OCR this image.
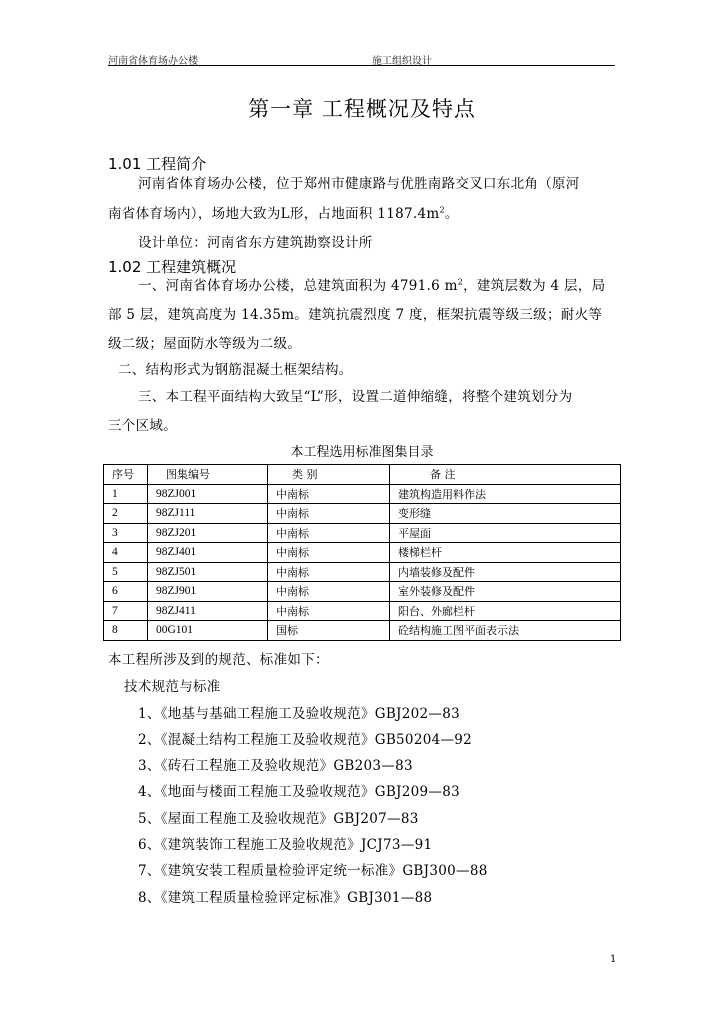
河南省体育场办公楼	施工组织设计
第一章 工程概况及特点
1.01 工程简介
河南省体育场办公楼，位于郑州市健康路与优胜南路交叉口东北角（原河
南省体育场内），场地大致为L形，占地面积 $1187.4m^2$。
设计单位：河南省东方建筑勘察设计所
1.02 工程建筑概况
一、河南省体育场办公楼，总建筑面积为 4791.6 $m^2$，建筑层数为 4 层，局
部 5 层，建筑高度为 14.35m。建筑抗震烈度 7 度，框架抗震等级三级；耐火等
级二级；屋面防水等级为二级。
二、结构形式为钢筋混凝土框架结构。
三、本工程平面结构大致呈“L”形，设置二道伸缩缝，将整个建筑划分为
三个区域。
本工程选用标准图集目录
序号	图集编号	类 别	备 注
1	98ZJ001	中南标	建筑构造用料作法
2	98ZJ111	中南标	变形缝
3	98ZJ201	中南标	平屋面
4	98ZJ401	中南标	楼梯栏杆
5	98ZJ501	中南标	内墙装修及配件
6	98ZJ901	中南标	室外装修及配件
7	98ZJ411	中南标	阳台、外廊栏杆
8	00G101	国标	砼结构施工图平面表示法
本工程所涉及到的规范、标准如下：
技术规范与标准
1、《地基与基础工程施工及验收规范》GBJ202—83
2、《混凝土结构工程施工及验收规范》GB50204—92
3、《砖石工程施工及验收规范》GB203—83
4、《地面与楼面工程施工及验收规范》GBJ209—83
5、《屋面工程施工及验收规范》GBJ207—83
6、《建筑装饰工程施工及验收规范》JCJ73—91
7、《建筑安装工程质量检验评定统一标准》GBJ300—88
8、《建筑工程质量检验评定标准》GBJ301—88
1
